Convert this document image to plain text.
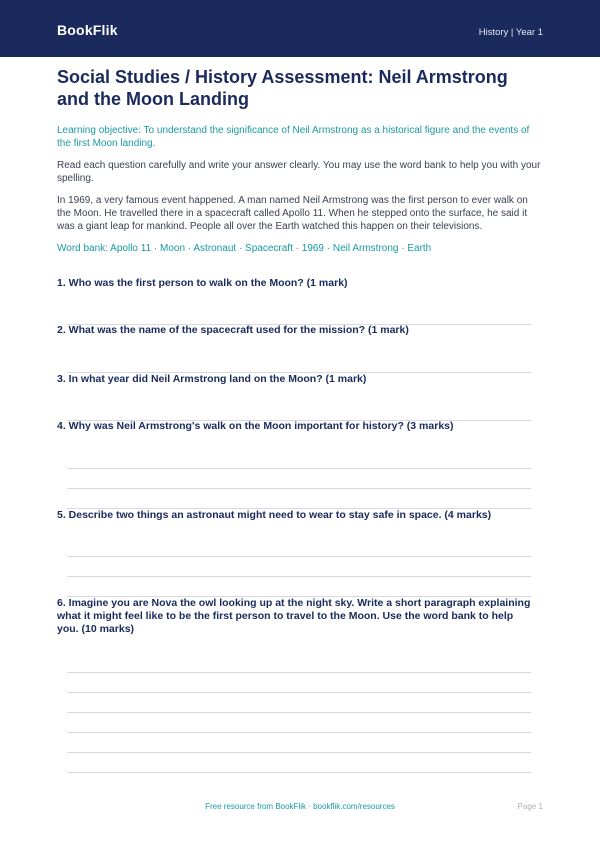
BookFlik	History | Year 1
Social Studies / History Assessment: Neil Armstrong and the Moon Landing
Learning objective: To understand the significance of Neil Armstrong as a historical figure and the events of the first Moon landing.
Read each question carefully and write your answer clearly. You may use the word bank to help you with your spelling.
In 1969, a very famous event happened. A man named Neil Armstrong was the first person to ever walk on the Moon. He travelled there in a spacecraft called Apollo 11. When he stepped onto the surface, he said it was a giant leap for mankind. People all over the Earth watched this happen on their televisions.
Word bank: Apollo 11 · Moon · Astronaut · Spacecraft · 1969 · Neil Armstrong · Earth
1. Who was the first person to walk on the Moon? (1 mark)
2. What was the name of the spacecraft used for the mission? (1 mark)
3. In what year did Neil Armstrong land on the Moon? (1 mark)
4. Why was Neil Armstrong's walk on the Moon important for history? (3 marks)
5. Describe two things an astronaut might need to wear to stay safe in space. (4 marks)
6. Imagine you are Nova the owl looking up at the night sky. Write a short paragraph explaining what it might feel like to be the first person to travel to the Moon. Use the word bank to help you. (10 marks)
Free resource from BookFlik · bookflik.com/resources	Page 1
